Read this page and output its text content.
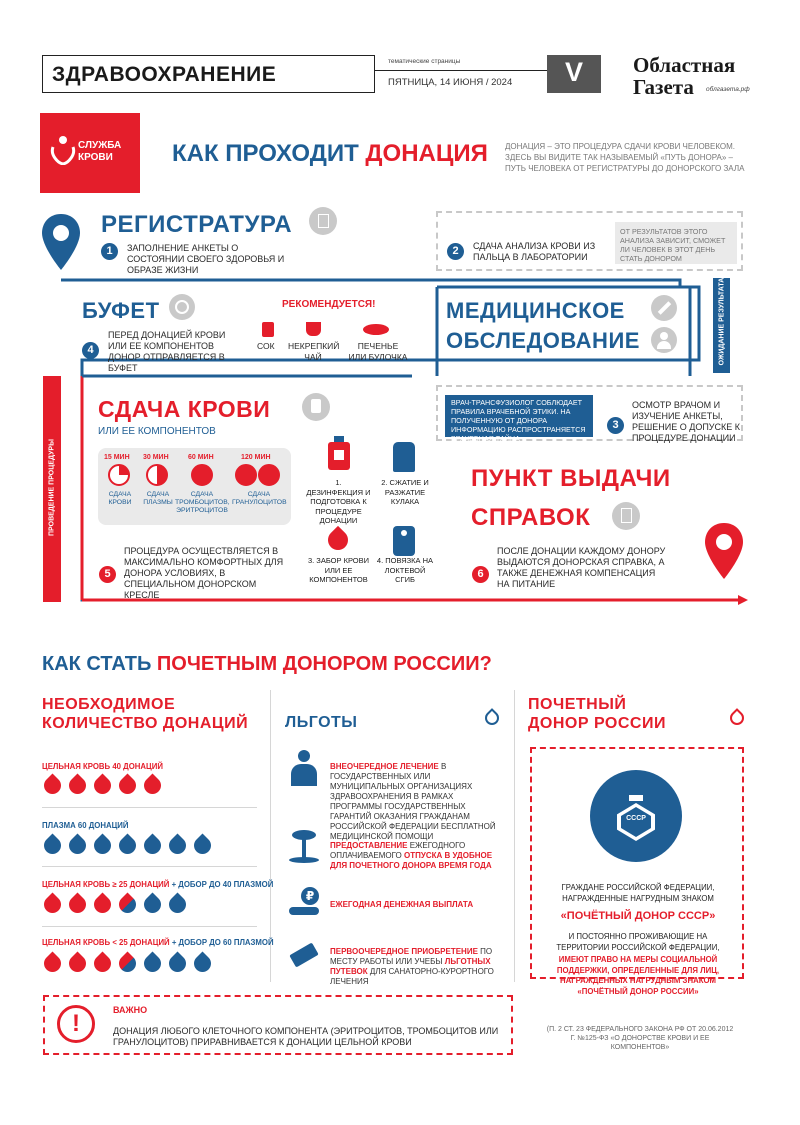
ЗДРАВООХРАНЕНИЕ
тематические страницы
ПЯТНИЦА, 14 ИЮНЯ / 2024	V	Областная
Газета облгазета.рф
СЛУЖБА
КРОВИ КАК ПРОХОДИТ ДОНАЦИЯ ДОНАЦИЯ – ЭТО ПРОЦЕДУРА СДАЧИ КРОВИ ЧЕЛОВЕКОМ. ЗДЕСЬ ВЫ ВИДИТЕ ТАК НАЗЫВАЕМЫЙ «ПУТЬ ДОНОРА» – ПУТЬ ЧЕЛОВЕКА ОТ РЕГИСТРАТУРЫ ДО ДОНОРСКОГО ЗАЛА
РЕГИСТРАТУРА
1	ЗАПОЛНЕНИЕ АНКЕТЫ О СОСТОЯНИИ СВОЕГО ЗДОРОВЬЯ И ОБРАЗЕ ЖИЗНИ
2	СДАЧА АНАЛИЗА КРОВИ ИЗ ПАЛЬЦА В ЛАБОРАТОРИИ
ОТ РЕЗУЛЬТАТОВ ЭТОГО АНАЛИЗА ЗАВИСИТ, СМОЖЕТ ЛИ ЧЕЛОВЕК В ЭТОТ ДЕНЬ СТАТЬ ДОНОРОМ
ОЖИДАНИЕ РЕЗУЛЬТАТА
БУФЕТ	РЕКОМЕНДУЕТСЯ!
4
ПЕРЕД ДОНАЦИЕЙ КРОВИ ИЛИ ЕЕ КОМПОНЕНТОВ ДОНОР ОТПРАВЛЯЕТСЯ В БУФЕТ
СОК НЕКРЕПКИЙ ЧАЙ
ПЕЧЕНЬЕ ИЛИ БУЛОЧКА
МЕДИЦИНСКОЕ
ОБСЛЕДОВАНИЕ
ВРАЧ-ТРАНСФУЗИОЛОГ СОБЛЮДАЕТ ПРАВИЛА ВРАЧЕБНОЙ ЭТИКИ. НА ПОЛУЧЕННУЮ ОТ ДОНОРА ИНФОРМАЦИЮ РАСПРОСТРАНЯЕТСЯ ВРАЧЕБНАЯ ТАЙНА
3
ОСМОТР ВРАЧОМ И ИЗУЧЕНИЕ АНКЕТЫ, РЕШЕНИЕ О ДОПУСКЕ К ПРОЦЕДУРЕ ДОНАЦИИ
ПРОВЕДЕНИЕ ПРОЦЕДУРЫ
СДАЧА КРОВИ
ИЛИ ЕЕ КОМПОНЕНТОВ
15 МИН 30 МИН	60 МИН	120 МИН
СДАЧА КРОВИ
СДАЧА ПЛАЗМЫ
СДАЧА ТРОМБОЦИТОВ, ЭРИТРОЦИТОВ
СДАЧА ГРАНУЛОЦИТОВ
1. ДЕЗИНФЕКЦИЯ И ПОДГОТОВКА К ПРОЦЕДУРЕ ДОНАЦИИ
2. СЖАТИЕ И РАЗЖАТИЕ КУЛАКА
3. ЗАБОР КРОВИ ИЛИ ЕЕ КОМПОНЕНТОВ
4. ПОВЯЗКА НА ЛОКТЕВОЙ СГИБ
5
ПРОЦЕДУРА ОСУЩЕСТВЛЯЕТСЯ В МАКСИМАЛЬНО КОМФОРТНЫХ ДЛЯ ДОНОРА УСЛОВИЯХ, В СПЕЦИАЛЬНОМ ДОНОРСКОМ КРЕСЛЕ
ПУНКТ ВЫДАЧИ
СПРАВОК
6
ПОСЛЕ ДОНАЦИИ КАЖДОМУ ДОНОРУ ВЫДАЮТСЯ ДОНОРСКАЯ СПРАВКА, А ТАКЖЕ ДЕНЕЖНАЯ КОМПЕНСАЦИЯ НА ПИТАНИЕ
КАК СТАТЬ ПОЧЕТНЫМ ДОНОРОМ РОССИИ?
НЕОБХОДИМОЕ
КОЛИЧЕСТВО ДОНАЦИЙ
ЦЕЛЬНАЯ КРОВЬ 40 ДОНАЦИЙ
ПЛАЗМА 60 ДОНАЦИЙ
ЦЕЛЬНАЯ КРОВЬ ≥ 25 ДОНАЦИЙ + ДОБОР ДО 40 ПЛАЗМОЙ
ЦЕЛЬНАЯ КРОВЬ < 25 ДОНАЦИЙ + ДОБОР ДО 60 ПЛАЗМОЙ
ЛЬГОТЫ
ВНЕОЧЕРЕДНОЕ ЛЕЧЕНИЕ В ГОСУДАРСТВЕННЫХ ИЛИ МУНИЦИПАЛЬНЫХ ОРГАНИЗАЦИЯХ ЗДРАВООХРАНЕНИЯ В РАМКАХ ПРОГРАММЫ ГОСУДАРСТВЕННЫХ ГАРАНТИЙ ОКАЗАНИЯ ГРАЖДАНАМ РОССИЙСКОЙ ФЕДЕРАЦИИ БЕСПЛАТНОЙ МЕДИЦИНСКОЙ ПОМОЩИ
ПРЕДОСТАВЛЕНИЕ ЕЖЕГОДНОГО ОПЛАЧИВАЕМОГО ОТПУСКА В УДОБНОЕ ДЛЯ ПОЧЕТНОГО ДОНОРА ВРЕМЯ ГОДА
₽
ЕЖЕГОДНАЯ ДЕНЕЖНАЯ ВЫПЛАТА
ПЕРВООЧЕРЕДНОЕ ПРИОБРЕТЕНИЕ ПО МЕСТУ РАБОТЫ ИЛИ УЧЕБЫ ЛЬГОТНЫХ ПУТЕВОК ДЛЯ САНАТОРНО-КУРОРТНОГО ЛЕЧЕНИЯ
ПОЧЕТНЫЙ
ДОНОР РОССИИ
СССР
ГРАЖДАНЕ РОССИЙСКОЙ ФЕДЕРАЦИИ, НАГРАЖДЕННЫЕ НАГРУДНЫМ ЗНАКОМ
«ПОЧЁТНЫЙ ДОНОР СССР»
И ПОСТОЯННО ПРОЖИВАЮЩИЕ НА ТЕРРИТОРИИ РОССИЙСКОЙ ФЕДЕРАЦИИ,
ИМЕЮТ ПРАВО НА МЕРЫ СОЦИАЛЬНОЙ ПОДДЕРЖКИ, ОПРЕДЕЛЕННЫЕ ДЛЯ ЛИЦ, НАГРАЖДЕННЫХ НАГРУДНЫМ ЗНАКОМ «ПОЧЁТНЫЙ ДОНОР РОССИИ»
(П. 2 СТ. 23 ФЕДЕРАЛЬНОГО ЗАКОНА РФ ОТ 20.06.2012 Г. №125-ФЗ «О ДОНОРСТВЕ КРОВИ И ЕЕ КОМПОНЕНТОВ»
!	ВАЖНО
ДОНАЦИЯ ЛЮБОГО КЛЕТОЧНОГО КОМПОНЕНТА (ЭРИТРОЦИТОВ, ТРОМБОЦИТОВ ИЛИ ГРАНУЛОЦИТОВ) ПРИРАВНИВАЕТСЯ К ДОНАЦИИ ЦЕЛЬНОЙ КРОВИ
